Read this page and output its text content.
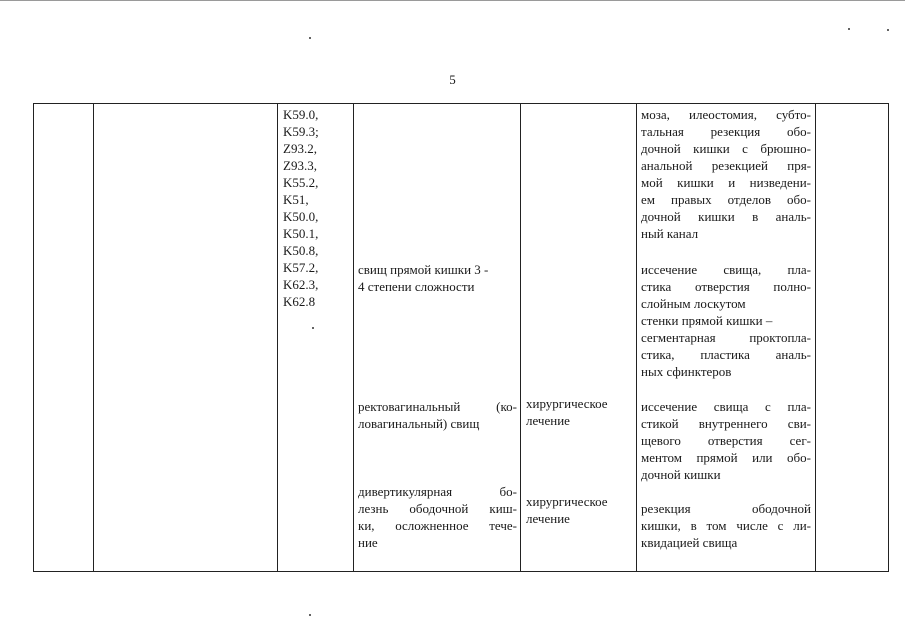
5
K59.0,
K59.3;
Z93.2,
Z93.3,
K55.2,
K51,
K50.0,
K50.1,
K50.8,
K57.2,
K62.3,
K62.8
свищ прямой кишки 3 -
4 степени сложности
ректовагинальный (ко-
ловагинальный) свищ
дивертикулярная бо-
лезнь ободочной киш-
ки, осложненное тече-
ние
хирургическое
лечение
хирургическое
лечение
моза, илеостомия, субто-
тальная резекция обо-
дочной кишки с брюшно-
анальной резекцией пря-
мой кишки и низведени-
ем правых отделов обо-
дочной кишки в аналь-
ный канал
иссечение свища, пла-
стика отверстия полно-
слойным лоскутом
стенки прямой кишки –
сегментарная проктопла-
стика, пластика аналь-
ных сфинктеров
иссечение свища с пла-
стикой внутреннего сви-
щевого отверстия сег-
ментом прямой или обо-
дочной кишки
резекция ободочной
кишки, в том числе с ли-
квидацией свища
